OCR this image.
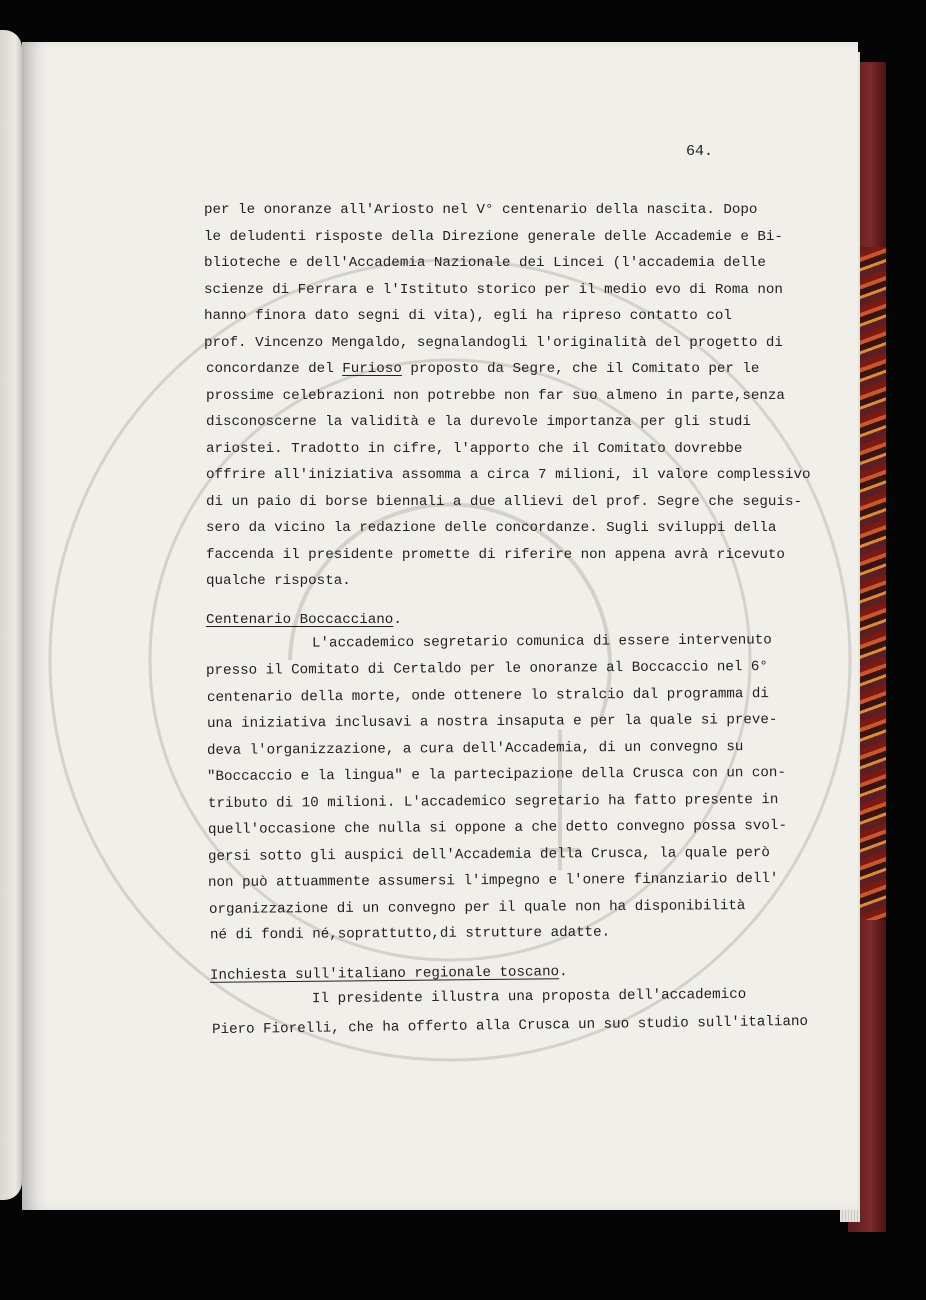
64.
concordanze del Furioso proposto da Segre, che il Comitato per le
per le onoranze all'Ariosto nel V° centenario della nascita. Dopo
le deludenti risposte della Direzione generale delle Accademie e Bi-
blioteche e dell'Accademia Nazionale dei Lincei (l'accademia delle
scienze di Ferrara e l'Istituto storico per il medio evo di Roma non
hanno finora dato segni di vita), egli ha ripreso contatto col
prof. Vincenzo Mengaldo, segnalandogli l'originalità del progetto di
prossime celebrazioni non potrebbe non far suo almeno in parte,senza
disconoscerne la validità e la durevole importanza per gli studi
ariostei. Tradotto in cifre, l'apporto che il Comitato dovrebbe
offrire all'iniziativa assomma a circa 7 milioni, il valore complessivo
di un paio di borse biennali a due allievi del prof. Segre che seguis-
sero da vicino la redazione delle concordanze. Sugli sviluppi della
faccenda il presidente promette di riferire non appena avrà ricevuto
qualche risposta.
Centenario Boccacciano.
L'accademico segretario comunica di essere intervenuto
presso il Comitato di Certaldo per le onoranze al Boccaccio nel 6°
centenario della morte, onde ottenere lo stralcio dal programma di
una iniziativa inclusavi a nostra insaputa e per la quale si preve-
deva l'organizzazione, a cura dell'Accademia, di un convegno su
"Boccaccio e la lingua" e la partecipazione della Crusca con un con-
tributo di 10 milioni. L'accademico segretario ha fatto presente in
quell'occasione che nulla si oppone a che detto convegno possa svol-
gersi sotto gli auspici dell'Accademia della Crusca, la quale però
non può attuammente assumersi l'impegno e l'onere finanziario dell'
organizzazione di un convegno per il quale non ha disponibilità
né di fondi né,soprattutto,di strutture adatte.
Inchiesta sull'italiano regionale toscano.
Il presidente illustra una proposta dell'accademico
Piero Fiorelli, che ha offerto alla Crusca un suo studio sull'italiano
